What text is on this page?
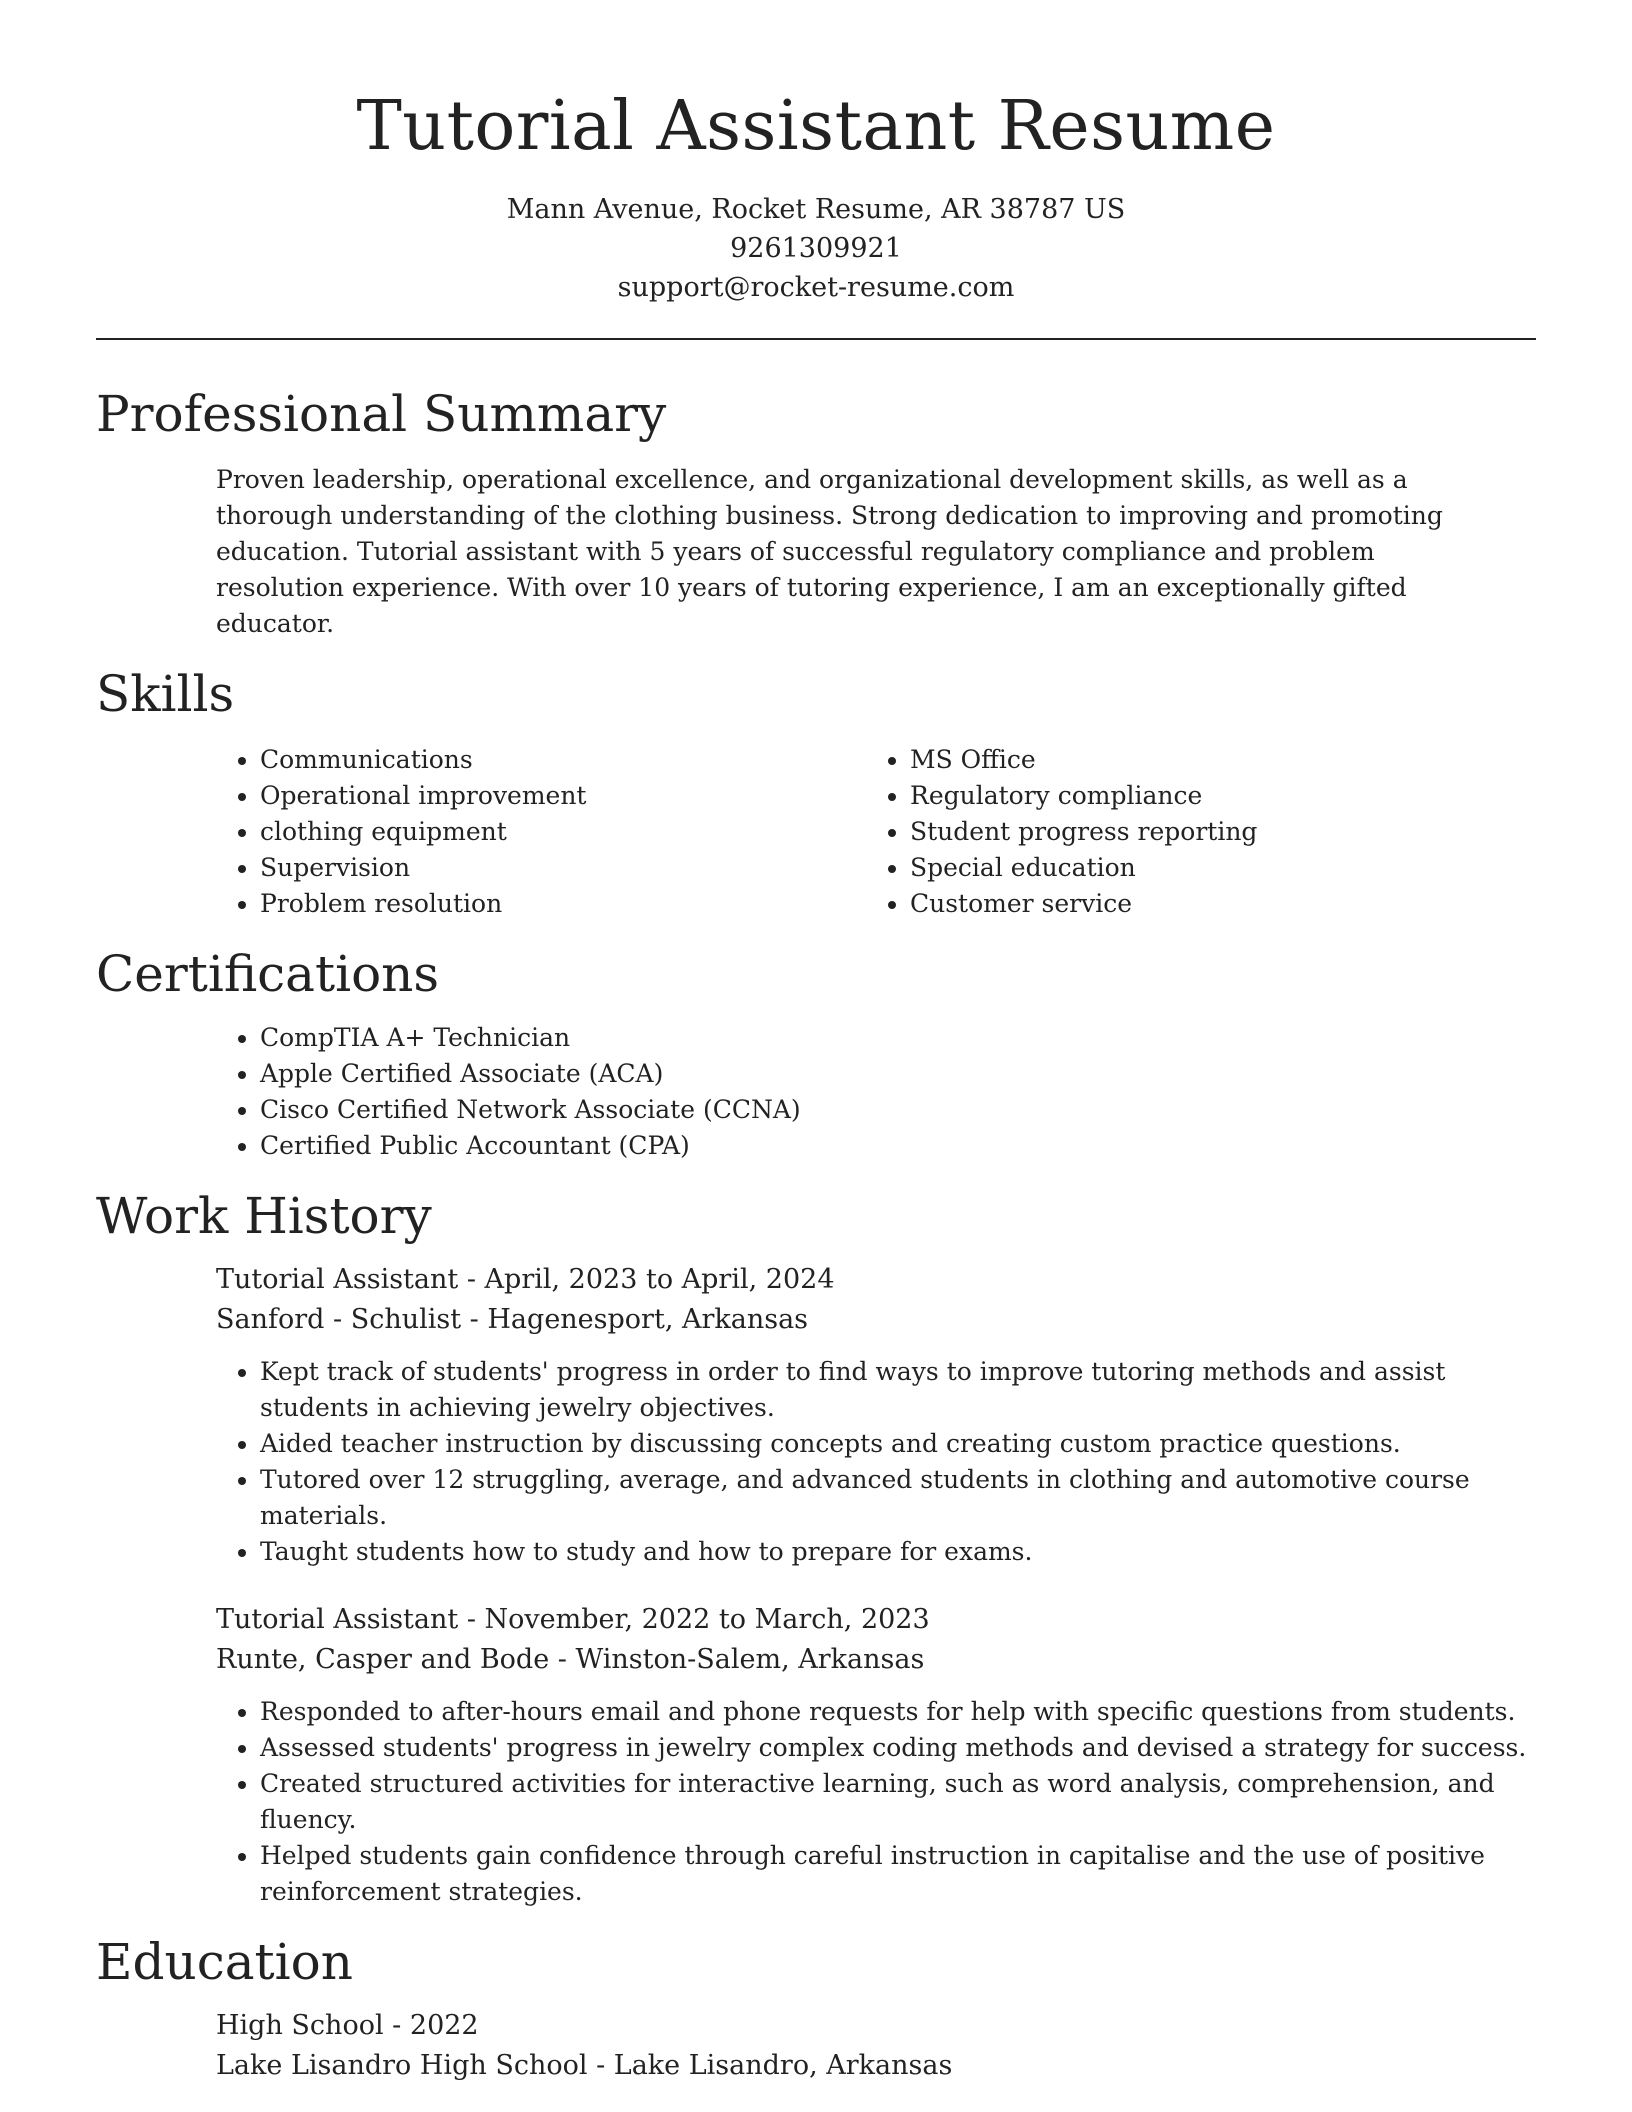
Tutorial Assistant Resume
Mann Avenue, Rocket Resume, AR 38787 US
9261309921
support@rocket-resume.com
Professional Summary

Proven leadership, operational excellence, and organizational development skills, as well as a thorough understanding of the clothing business. Strong dedication to improving and promoting education. Tutorial assistant with 5 years of successful regulatory compliance and problem resolution experience. With over 10 years of tutoring experience, I am an exceptionally gifted educator.

Skills
• Communications
• Operational improvement
• clothing equipment
• Supervision
• Problem resolution
• MS Office
• Regulatory compliance
• Student progress reporting
• Special education
• Customer service
Certifications
• CompTIA A+ Technician
• Apple Certified Associate (ACA)
• Cisco Certified Network Associate (CCNA)
• Certified Public Accountant (CPA)
Work History
Tutorial Assistant - April, 2023 to April, 2024
Sanford - Schulist - Hagenesport, Arkansas
• Kept track of students' progress in order to find ways to improve tutoring methods and assist students in achieving jewelry objectives.
• Aided teacher instruction by discussing concepts and creating custom practice questions.
• Tutored over 12 struggling, average, and advanced students in clothing and automotive course materials.
• Taught students how to study and how to prepare for exams.
Tutorial Assistant - November, 2022 to March, 2023
Runte, Casper and Bode - Winston-Salem, Arkansas
• Responded to after-hours email and phone requests for help with specific questions from students.
• Assessed students' progress in jewelry complex coding methods and devised a strategy for success.
• Created structured activities for interactive learning, such as word analysis, comprehension, and fluency.
• Helped students gain confidence through careful instruction in capitalise and the use of positive reinforcement strategies.
Education
High School - 2022
Lake Lisandro High School - Lake Lisandro, Arkansas
